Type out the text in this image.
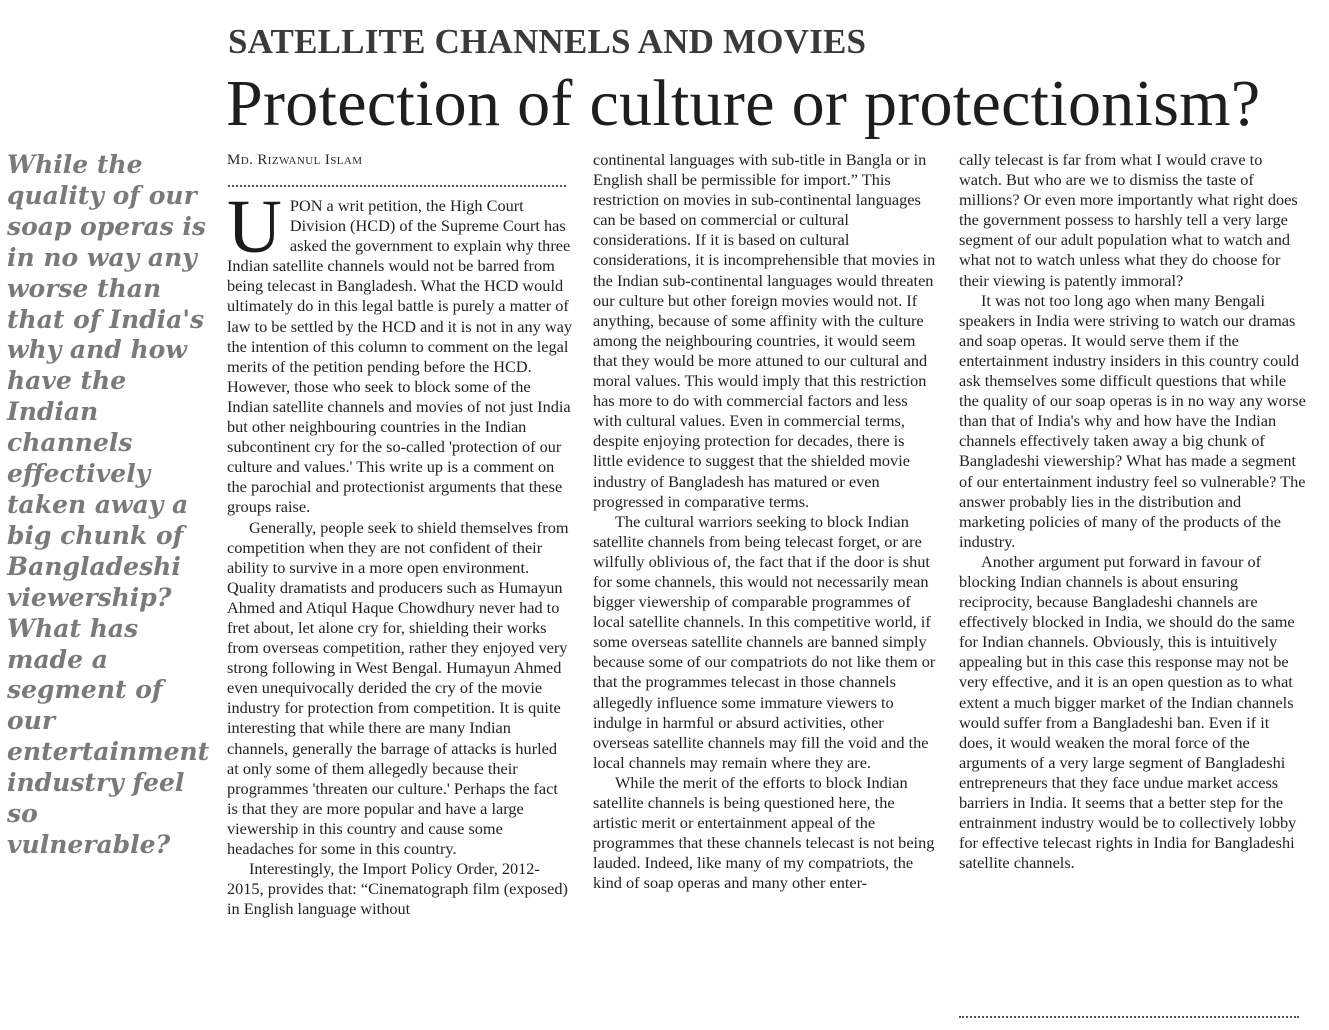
SATELLITE CHANNELS AND MOVIES
Protection of culture or protectionism?
While the quality of our soap operas is in no way any worse than that of India's why and how have the Indian channels effectively taken away a big chunk of Bangladeshi viewership? What has made a segment of our entertainment industry feel so vulnerable?
Md. Rizwanul Islam
U PON a writ petition, the High Court Division (HCD) of the Supreme Court has asked the government to explain why three Indian satellite channels would not be barred from being telecast in Bangladesh. What the HCD would ultimately do in this legal battle is purely a matter of law to be settled by the HCD and it is not in any way the intention of this column to comment on the legal merits of the petition pending before the HCD. However, those who seek to block some of the Indian satellite channels and movies of not just India but other neighbouring countries in the Indian subcontinent cry for the so-called 'protection of our culture and values.' This write up is a comment on the parochial and protectionist arguments that these groups raise.

Generally, people seek to shield themselves from competition when they are not confident of their ability to survive in a more open environment. Quality dramatists and producers such as Humayun Ahmed and Atiqul Haque Chowdhury never had to fret about, let alone cry for, shielding their works from overseas competition, rather they enjoyed very strong following in West Bengal. Humayun Ahmed even unequivocally derided the cry of the movie industry for protection from competition. It is quite interesting that while there are many Indian channels, generally the barrage of attacks is hurled at only some of them allegedly because their programmes 'threaten our culture.' Perhaps the fact is that they are more popular and have a large viewership in this country and cause some headaches for some in this country.

Interestingly, the Import Policy Order, 2012-2015, provides that: “Cinematograph film (exposed) in English language without

continental languages with sub-title in Bangla or in English shall be permissible for import.” This restriction on movies in sub-continental languages can be based on commercial or cultural considerations. If it is based on cultural considerations, it is incomprehensible that movies in the Indian sub-continental languages would threaten our culture but other foreign movies would not. If anything, because of some affinity with the culture among the neighbouring countries, it would seem that they would be more attuned to our cultural and moral values. This would imply that this restriction has more to do with commercial factors and less with cultural values. Even in commercial terms, despite enjoying protection for decades, there is little evidence to suggest that the shielded movie industry of Bangladesh has matured or even progressed in comparative terms.

The cultural warriors seeking to block Indian satellite channels from being telecast forget, or are wilfully oblivious of, the fact that if the door is shut for some channels, this would not necessarily mean bigger viewership of comparable programmes of local satellite channels. In this competitive world, if some overseas satellite channels are banned simply because some of our compatriots do not like them or that the programmes telecast in those channels allegedly influence some immature viewers to indulge in harmful or absurd activities, other overseas satellite channels may fill the void and the local channels may remain where they are.

While the merit of the efforts to block Indian satellite channels is being questioned here, the artistic merit or entertainment appeal of the programmes that these channels telecast is not being lauded. Indeed, like many of my compatriots, the kind of soap operas and many other enter-

cally telecast is far from what I would crave to watch. But who are we to dismiss the taste of millions? Or even more importantly what right does the government possess to harshly tell a very large segment of our adult population what to watch and what not to watch unless what they do choose for their viewing is patently immoral?

It was not too long ago when many Bengali speakers in India were striving to watch our dramas and soap operas. It would serve them if the entertainment industry insiders in this country could ask themselves some difficult questions that while the quality of our soap operas is in no way any worse than that of India's why and how have the Indian channels effectively taken away a big chunk of Bangladeshi viewership? What has made a segment of our entertainment industry feel so vulnerable? The answer probably lies in the distribution and marketing policies of many of the products of the industry.

Another argument put forward in favour of blocking Indian channels is about ensuring reciprocity, because Bangladeshi channels are effectively blocked in India, we should do the same for Indian channels. Obviously, this is intuitively appealing but in this case this response may not be very effective, and it is an open question as to what extent a much bigger market of the Indian channels would suffer from a Bangladeshi ban. Even if it does, it would weaken the moral force of the arguments of a very large segment of Bangladeshi entrepreneurs that they face undue market access barriers in India. It seems that a better step for the entrainment industry would be to collectively lobby for effective telecast rights in India for Bangladeshi satellite channels.
